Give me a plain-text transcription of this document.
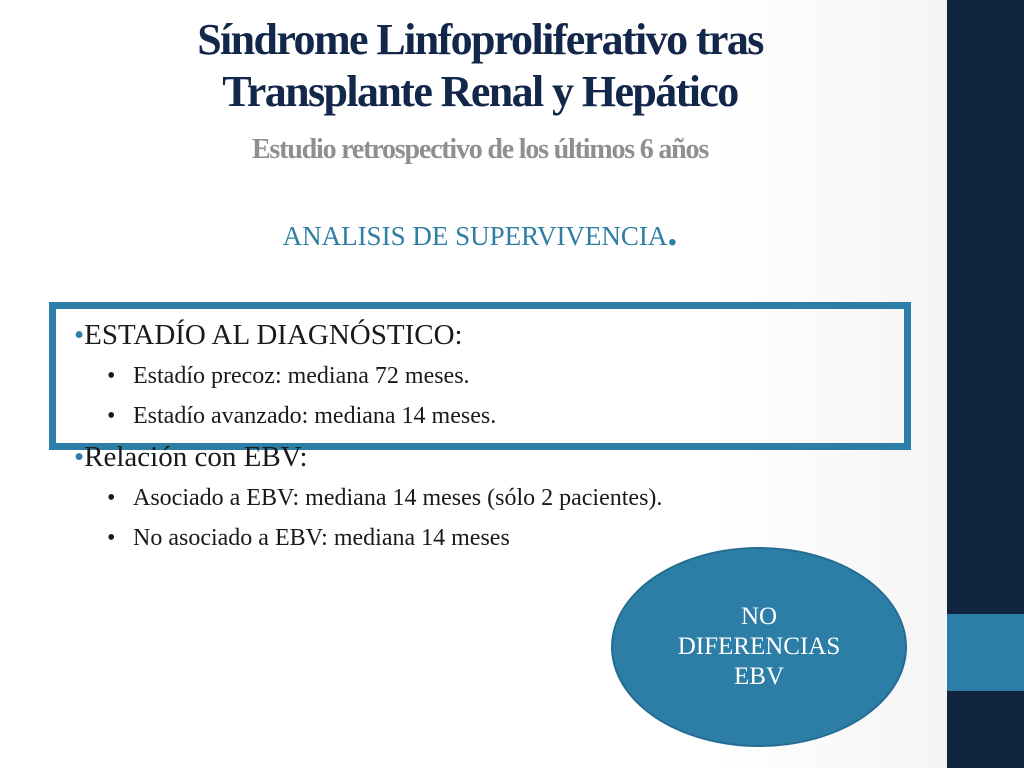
Síndrome Linfoproliferativo tras
Transplante Renal y Hepático
Estudio retrospectivo de los últimos 6 años
ANALISIS DE SUPERVIVENCIA.
•ESTADÍO AL DIAGNÓSTICO:
• Estadío precoz: mediana 72 meses.
• Estadío avanzado: mediana 14 meses.
•Relación con EBV:
• Asociado a EBV: mediana 14 meses (sólo 2 pacientes).
• No asociado a EBV: mediana 14 meses
NO
DIFERENCIAS
EBV
